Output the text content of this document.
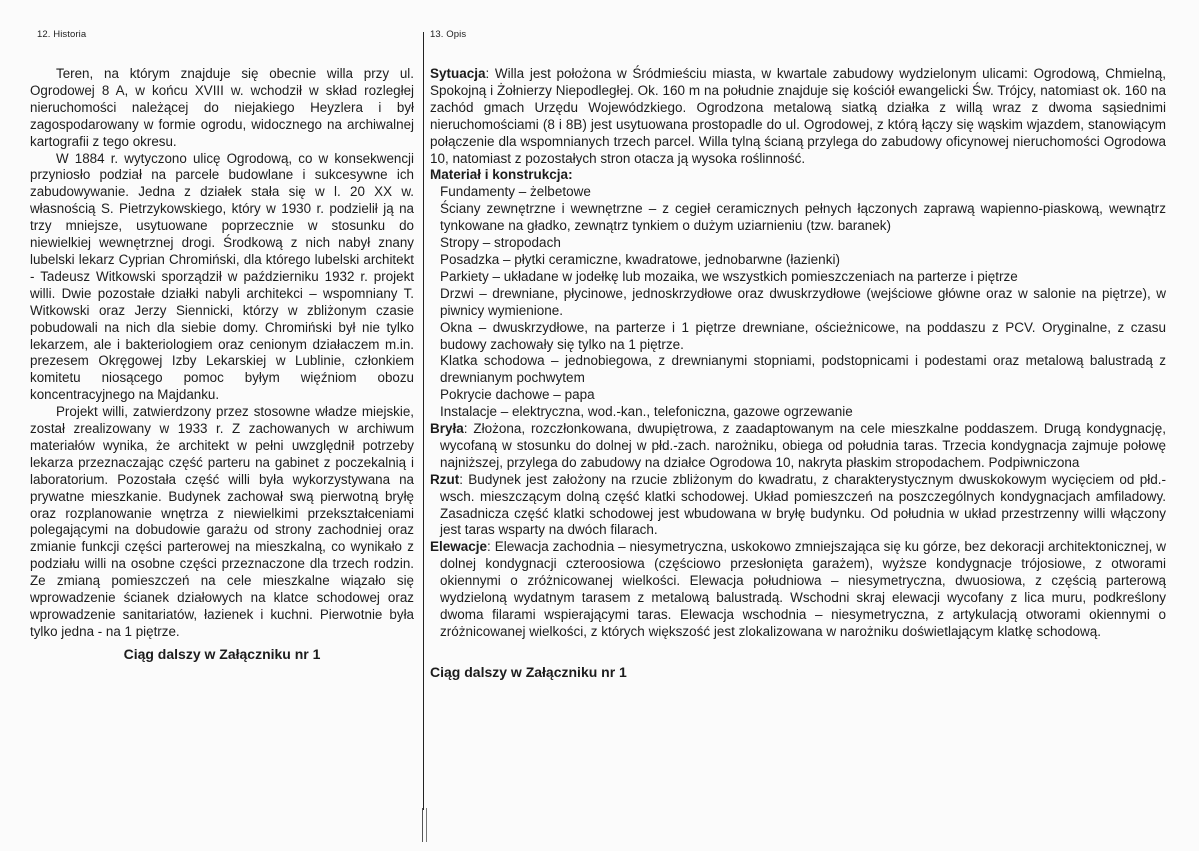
12. Historia	13. Opis

Teren, na którym znajduje się obecnie willa przy ul. Ogrodowej 8 A, w końcu XVIII w. wchodził w skład rozległej nieruchomości należącej do niejakiego Heyzlera i był zagospodarowany w formie ogrodu, widocznego na archiwalnej kartografii z tego okresu.

W 1884 r. wytyczono ulicę Ogrodową, co w konsekwencji przyniosło podział na parcele budowlane i sukcesywne ich zabudowywanie. Jedna z działek stała się w l. 20 XX w. własnością S. Pietrzykowskiego, który w 1930 r. podzielił ją na trzy mniejsze, usytuowane poprzecznie w stosunku do niewielkiej wewnętrznej drogi. Środkową z nich nabył znany lubelski lekarz Cyprian Chromiński, dla którego lubelski architekt - Tadeusz Witkowski sporządził w październiku 1932 r. projekt willi. Dwie pozostałe działki nabyli architekci – wspomniany T. Witkowski oraz Jerzy Siennicki, którzy w zbliżonym czasie pobudowali na nich dla siebie domy. Chromiński był nie tylko lekarzem, ale i bakteriologiem oraz cenionym działaczem m.in. prezesem Okręgowej Izby Lekarskiej w Lublinie, członkiem komitetu niosącego pomoc byłym więźniom obozu koncentracyjnego na Majdanku.

Projekt willi, zatwierdzony przez stosowne władze miejskie, został zrealizowany w 1933 r. Z zachowanych w archiwum materiałów wynika, że architekt w pełni uwzględnił potrzeby lekarza przeznaczając część parteru na gabinet z poczekalnią i laboratorium. Pozostała część willi była wykorzystywana na prywatne mieszkanie. Budynek zachował swą pierwotną bryłę oraz rozplanowanie wnętrza z niewielkimi przekształceniami polegającymi na dobudowie garażu od strony zachodniej oraz zmianie funkcji części parterowej na mieszkalną, co wynikało z podziału willi na osobne części przeznaczone dla trzech rodzin. Ze zmianą pomieszczeń na cele mieszkalne wiązało się wprowadzenie ścianek działowych na klatce schodowej oraz wprowadzenie sanitariatów, łazienek i kuchni. Pierwotnie była tylko jedna - na 1 piętrze.

Ciąg dalszy w Załączniku nr 1

Sytuacja: Willa jest położona w Śródmieściu miasta, w kwartale zabudowy wydzielonym ulicami: Ogrodową, Chmielną, Spokojną i Żołnierzy Niepodległej. Ok. 160 m na południe znajduje się kościół ewangelicki Św. Trójcy, natomiast ok. 160 na zachód gmach Urzędu Wojewódzkiego. Ogrodzona metalową siatką działka z willą wraz z dwoma sąsiednimi nieruchomościami (8 i 8B) jest usytuowana prostopadle do ul. Ogrodowej, z którą łączy się wąskim wjazdem, stanowiącym połączenie dla wspomnianych trzech parcel. Willa tylną ścianą przylega do zabudowy oficynowej nieruchomości Ogrodowa 10, natomiast z pozostałych stron otacza ją wysoka roślinność.

Materiał i konstrukcja:

Fundamenty – żelbetowe

Ściany zewnętrzne i wewnętrzne – z cegieł ceramicznych pełnych łączonych zaprawą wapienno-piaskową, wewnątrz tynkowane na gładko, zewnątrz tynkiem o dużym uziarnieniu (tzw. baranek)

Stropy – stropodach

Posadzka – płytki ceramiczne, kwadratowe, jednobarwne (łazienki)

Parkiety – układane w jodełkę lub mozaika, we wszystkich pomieszczeniach na parterze i piętrze

Drzwi – drewniane, płycinowe, jednoskrzydłowe oraz dwuskrzydłowe (wejściowe główne oraz w salonie na piętrze), w piwnicy wymienione.

Okna – dwuskrzydłowe, na parterze i 1 piętrze drewniane, ościeżnicowe, na poddaszu z PCV. Oryginalne, z czasu budowy zachowały się tylko na 1 piętrze.

Klatka schodowa – jednobiegowa, z drewnianymi stopniami, podstopnicami i podestami oraz metalową balustradą z drewnianym pochwytem

Pokrycie dachowe – papa

Instalacje – elektryczna, wod.-kan., telefoniczna, gazowe ogrzewanie

Bryła: Złożona, rozczłonkowana, dwupiętrowa, z zaadaptowanym na cele mieszkalne poddaszem. Drugą kondygnację, wycofaną w stosunku do dolnej w płd.-zach. narożniku, obiega od południa taras. Trzecia kondygnacja zajmuje połowę najniższej, przylega do zabudowy na działce Ogrodowa 10, nakryta płaskim stropodachem. Podpiwniczona

Rzut: Budynek jest założony na rzucie zbliżonym do kwadratu, z charakterystycznym dwuskokowym wycięciem od płd.-wsch. mieszczącym dolną część klatki schodowej. Układ pomieszczeń na poszczególnych kondygnacjach amfiladowy. Zasadnicza część klatki schodowej jest wbudowana w bryłę budynku. Od południa w układ przestrzenny willi włączony jest taras wsparty na dwóch filarach.

Elewacje: Elewacja zachodnia – niesymetryczna, uskokowo zmniejszająca się ku górze, bez dekoracji architektonicznej, w dolnej kondygnacji czteroosiowa (częściowo przesłonięta garażem), wyższe kondygnacje trójosiowe, z otworami okiennymi o zróżnicowanej wielkości. Elewacja południowa – niesymetryczna, dwuosiowa, z częścią parterową wydzieloną wydatnym tarasem z metalową balustradą. Wschodni skraj elewacji wycofany z lica muru, podkreślony dwoma filarami wspierającymi taras. Elewacja wschodnia – niesymetryczna, z artykulacją otworami okiennymi o zróżnicowanej wielkości, z których większość jest zlokalizowana w narożniku doświetlającym klatkę schodową.

Ciąg dalszy w Załączniku nr 1
